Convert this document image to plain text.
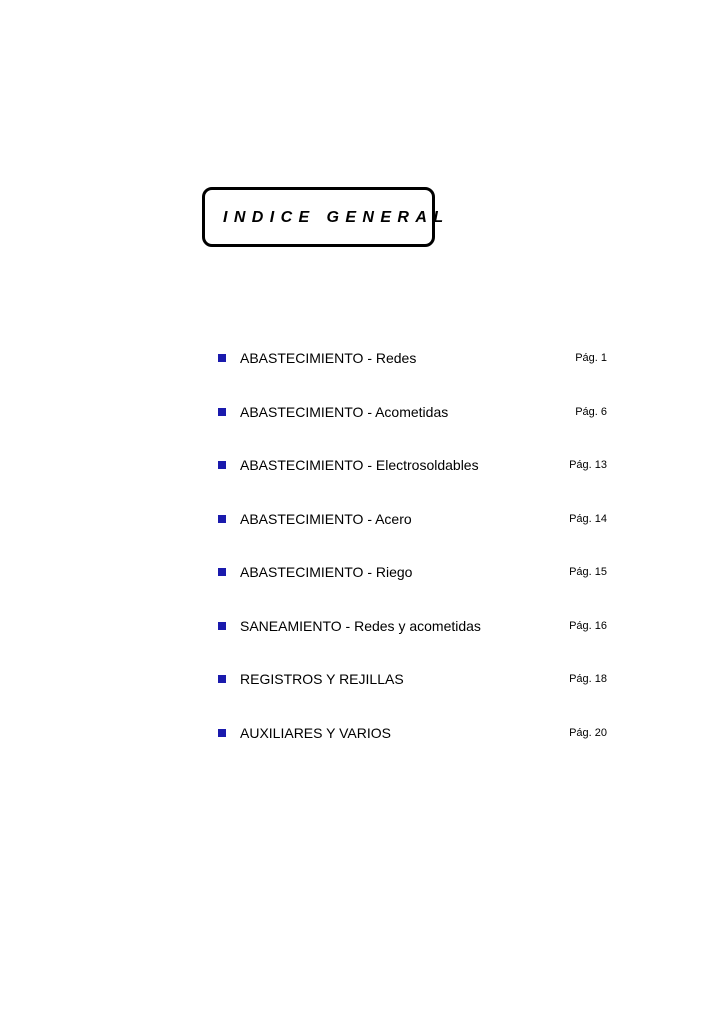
INDICE GENERAL
ABASTECIMIENTO - Redes	Pág. 1
ABASTECIMIENTO - Acometidas	Pág. 6
ABASTECIMIENTO - Electrosoldables	Pág. 13
ABASTECIMIENTO - Acero	Pág. 14
ABASTECIMIENTO - Riego	Pág. 15
SANEAMIENTO - Redes y acometidas	Pág. 16
REGISTROS Y REJILLAS	Pág. 18
AUXILIARES Y VARIOS	Pág. 20
